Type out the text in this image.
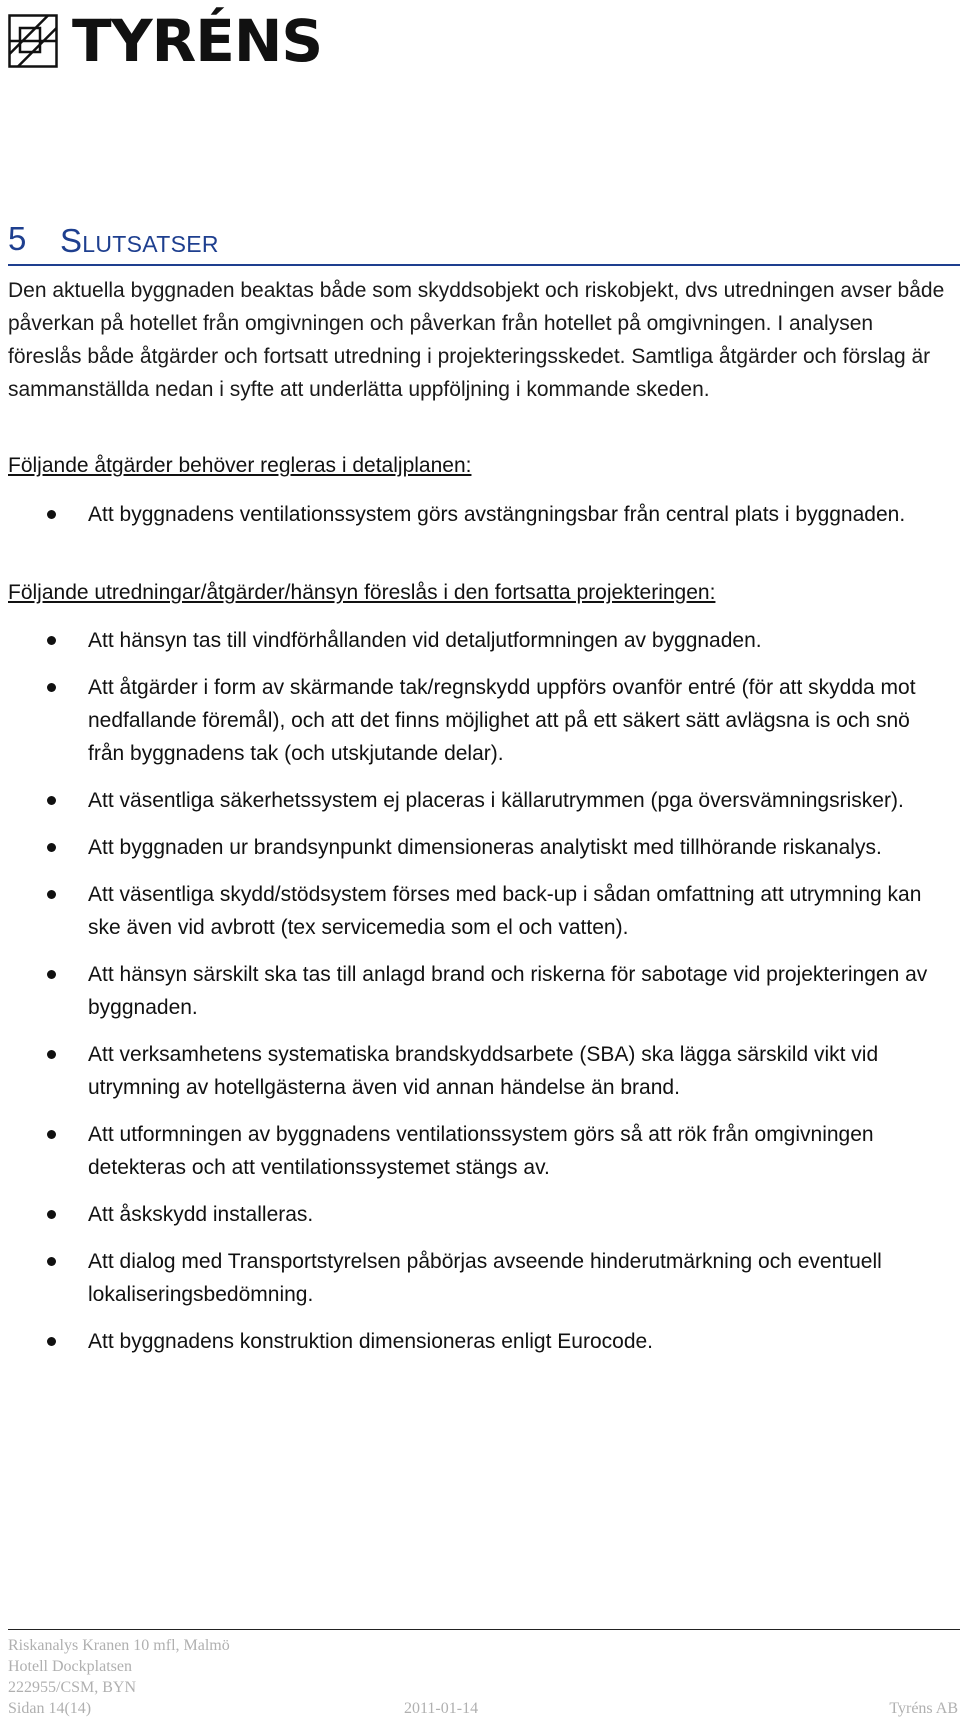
TYRÉNS
5 Slutsatser

Den aktuella byggnaden beaktas både som skyddsobjekt och riskobjekt, dvs utredningen avser både påverkan på hotellet från omgivningen och påverkan från hotellet på omgivningen. I analysen föreslås både åtgärder och fortsatt utredning i projekteringsskedet. Samtliga åtgärder och förslag är sammanställda nedan i syfte att underlätta uppföljning i kommande skeden.

Följande åtgärder behöver regleras i detaljplanen:
Att byggnadens ventilationssystem görs avstängningsbar från central plats i byggnaden.
Följande utredningar/åtgärder/hänsyn föreslås i den fortsatta projekteringen:
Att hänsyn tas till vindförhållanden vid detaljutformningen av byggnaden.
Att åtgärder i form av skärmande tak/regnskydd uppförs ovanför entré (för att skydda mot nedfallande föremål), och att det finns möjlighet att på ett säkert sätt avlägsna is och snö från byggnadens tak (och utskjutande delar).
Att väsentliga säkerhetssystem ej placeras i källarutrymmen (pga översvämningsrisker).
Att byggnaden ur brandsynpunkt dimensioneras analytiskt med tillhörande riskanalys.
Att väsentliga skydd/stödsystem förses med back-up i sådan omfattning att utrymning kan ske även vid avbrott (tex servicemedia som el och vatten).
Att hänsyn särskilt ska tas till anlagd brand och riskerna för sabotage vid projekteringen av byggnaden.
Att verksamhetens systematiska brandskyddsarbete (SBA) ska lägga särskild vikt vid utrymning av hotellgästerna även vid annan händelse än brand.
Att utformningen av byggnadens ventilationssystem görs så att rök från omgivningen detekteras och att ventilationssystemet stängs av.
Att åskskydd installeras.
Att dialog med Transportstyrelsen påbörjas avseende hinderutmärkning och eventuell lokaliseringsbedömning.
Att byggnadens konstruktion dimensioneras enligt Eurocode.
Riskanalys Kranen 10 mfl, Malmö
Hotell Dockplatsen
222955/CSM, BYN
Sidan 14(14)	2011-01-14	Tyréns AB
